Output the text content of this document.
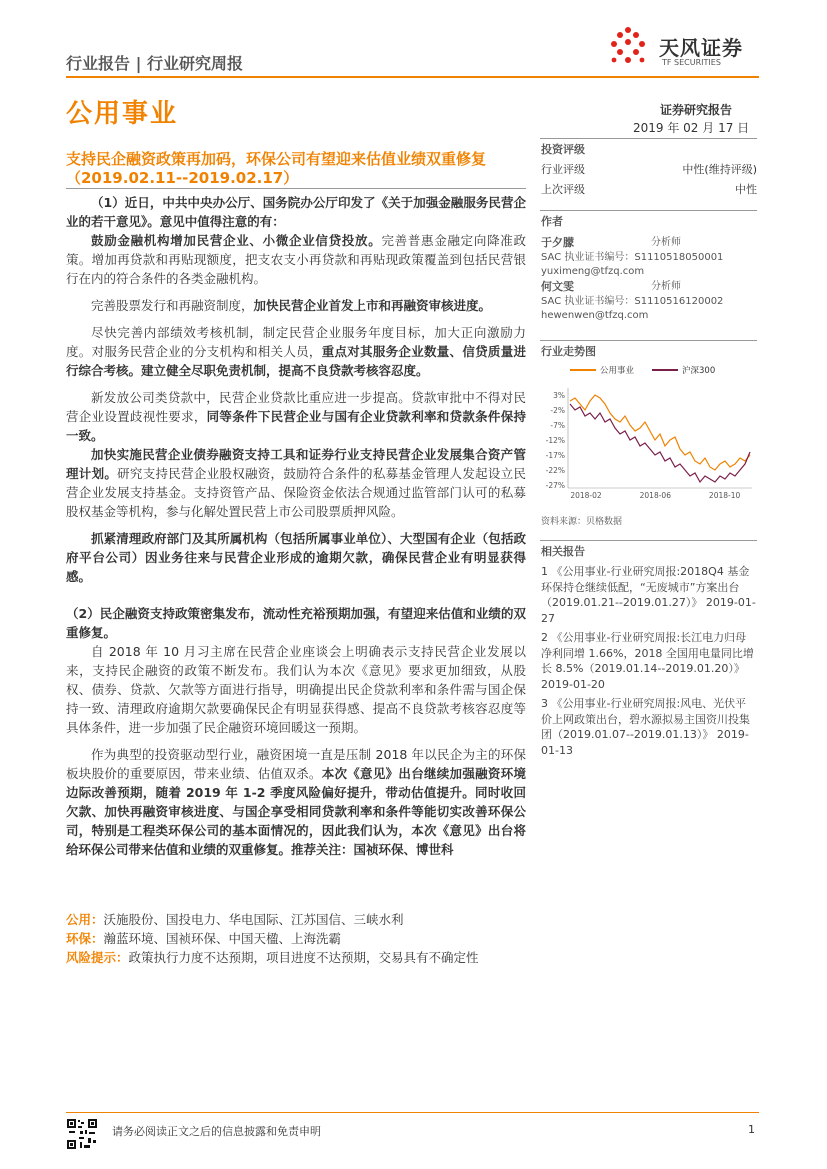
行业报告 | 行业研究周报
天风证券
TF SECURITIES
公用事业	证券研究报告
2019 年 02 月 17 日
支持民企融资政策再加码，环保公司有望迎来估值业绩双重修复（2019.02.11--2019.02.17）

（1）近日，中共中央办公厅、国务院办公厅印发了《关于加强金融服务民营企业的若干意见》。意见中值得注意的有：

鼓励金融机构增加民营企业、小微企业信贷投放。完善普惠金融定向降准政策。增加再贷款和再贴现额度，把支农支小再贷款和再贴现政策覆盖到包括民营银行在内的符合条件的各类金融机构。

完善股票发行和再融资制度，加快民营企业首发上市和再融资审核进度。

尽快完善内部绩效考核机制，制定民营企业服务年度目标，加大正向激励力度。对服务民营企业的分支机构和相关人员，重点对其服务企业数量、信贷质量进行综合考核。建立健全尽职免责机制，提高不良贷款考核容忍度。

新发放公司类贷款中，民营企业贷款比重应进一步提高。贷款审批中不得对民营企业设置歧视性要求，同等条件下民营企业与国有企业贷款利率和贷款条件保持一致。

加快实施民营企业债券融资支持工具和证券行业支持民营企业发展集合资产管理计划。研究支持民营企业股权融资，鼓励符合条件的私募基金管理人发起设立民营企业发展支持基金。支持资管产品、保险资金依法合规通过监管部门认可的私募股权基金等机构，参与化解处置民营上市公司股票质押风险。

抓紧清理政府部门及其所属机构（包括所属事业单位）、大型国有企业（包括政府平台公司）因业务往来与民营企业形成的逾期欠款，确保民营企业有明显获得感。

（2）民企融资支持政策密集发布，流动性充裕预期加强，有望迎来估值和业绩的双重修复。

自 2018 年 10 月习主席在民营企业座谈会上明确表示支持民营企业发展以来，支持民企融资的政策不断发布。我们认为本次《意见》要求更加细致，从股权、债券、贷款、欠款等方面进行指导，明确提出民企贷款利率和条件需与国企保持一致、清理政府逾期欠款要确保民企有明显获得感、提高不良贷款考核容忍度等具体条件，进一步加强了民企融资环境回暖这一预期。

作为典型的投资驱动型行业，融资困境一直是压制 2018 年以民企为主的环保板块股价的重要原因，带来业绩、估值双杀。本次《意见》出台继续加强融资环境边际改善预期，随着 2019 年 1-2 季度风险偏好提升，带动估值提升。同时收回欠款、加快再融资审核进度、与国企享受相同贷款利率和条件等能切实改善环保公司，特别是工程类环保公司的基本面情况的，因此我们认为，本次《意见》出台将给环保公司带来估值和业绩的双重修复。推荐关注：国祯环保、博世科

公用：沃施股份、国投电力、华电国际、江苏国信、三峡水利
环保：瀚蓝环境、国祯环保、中国天楹、上海洗霸
风险提示：政策执行力度不达预期，项目进度不达预期，交易具有不确定性
投资评级
行业评级	中性(维持评级)
上次评级	中性
作者
于夕朦	分析师
SAC 执业证书编号：S1110518050001
yuximeng@tfzq.com
何文雯	分析师
SAC 执业证书编号：S1110516120002
hewenwen@tfzq.com
行业走势图
公用事业	沪深300
3%
-2%
-7%
-12%
-17%
-22%
-27%
2018-02	2018-06	2018-10
资料来源：贝格数据
相关报告
1 《公用事业-行业研究周报:2018Q4 基金环保持仓继续低配，“无废城市”方案出台（2019.01.21--2019.01.27）》 2019-01-27
2 《公用事业-行业研究周报:长江电力归母净利同增 1.66%，2018 全国用电量同比增长 8.5%（2019.01.14--2019.01.20）》 2019-01-20
3 《公用事业-行业研究周报:风电、光伏平价上网政策出台，碧水源拟易主国资川投集团（2019.01.07--2019.01.13）》 2019-01-13
请务必阅读正文之后的信息披露和免责申明	1
